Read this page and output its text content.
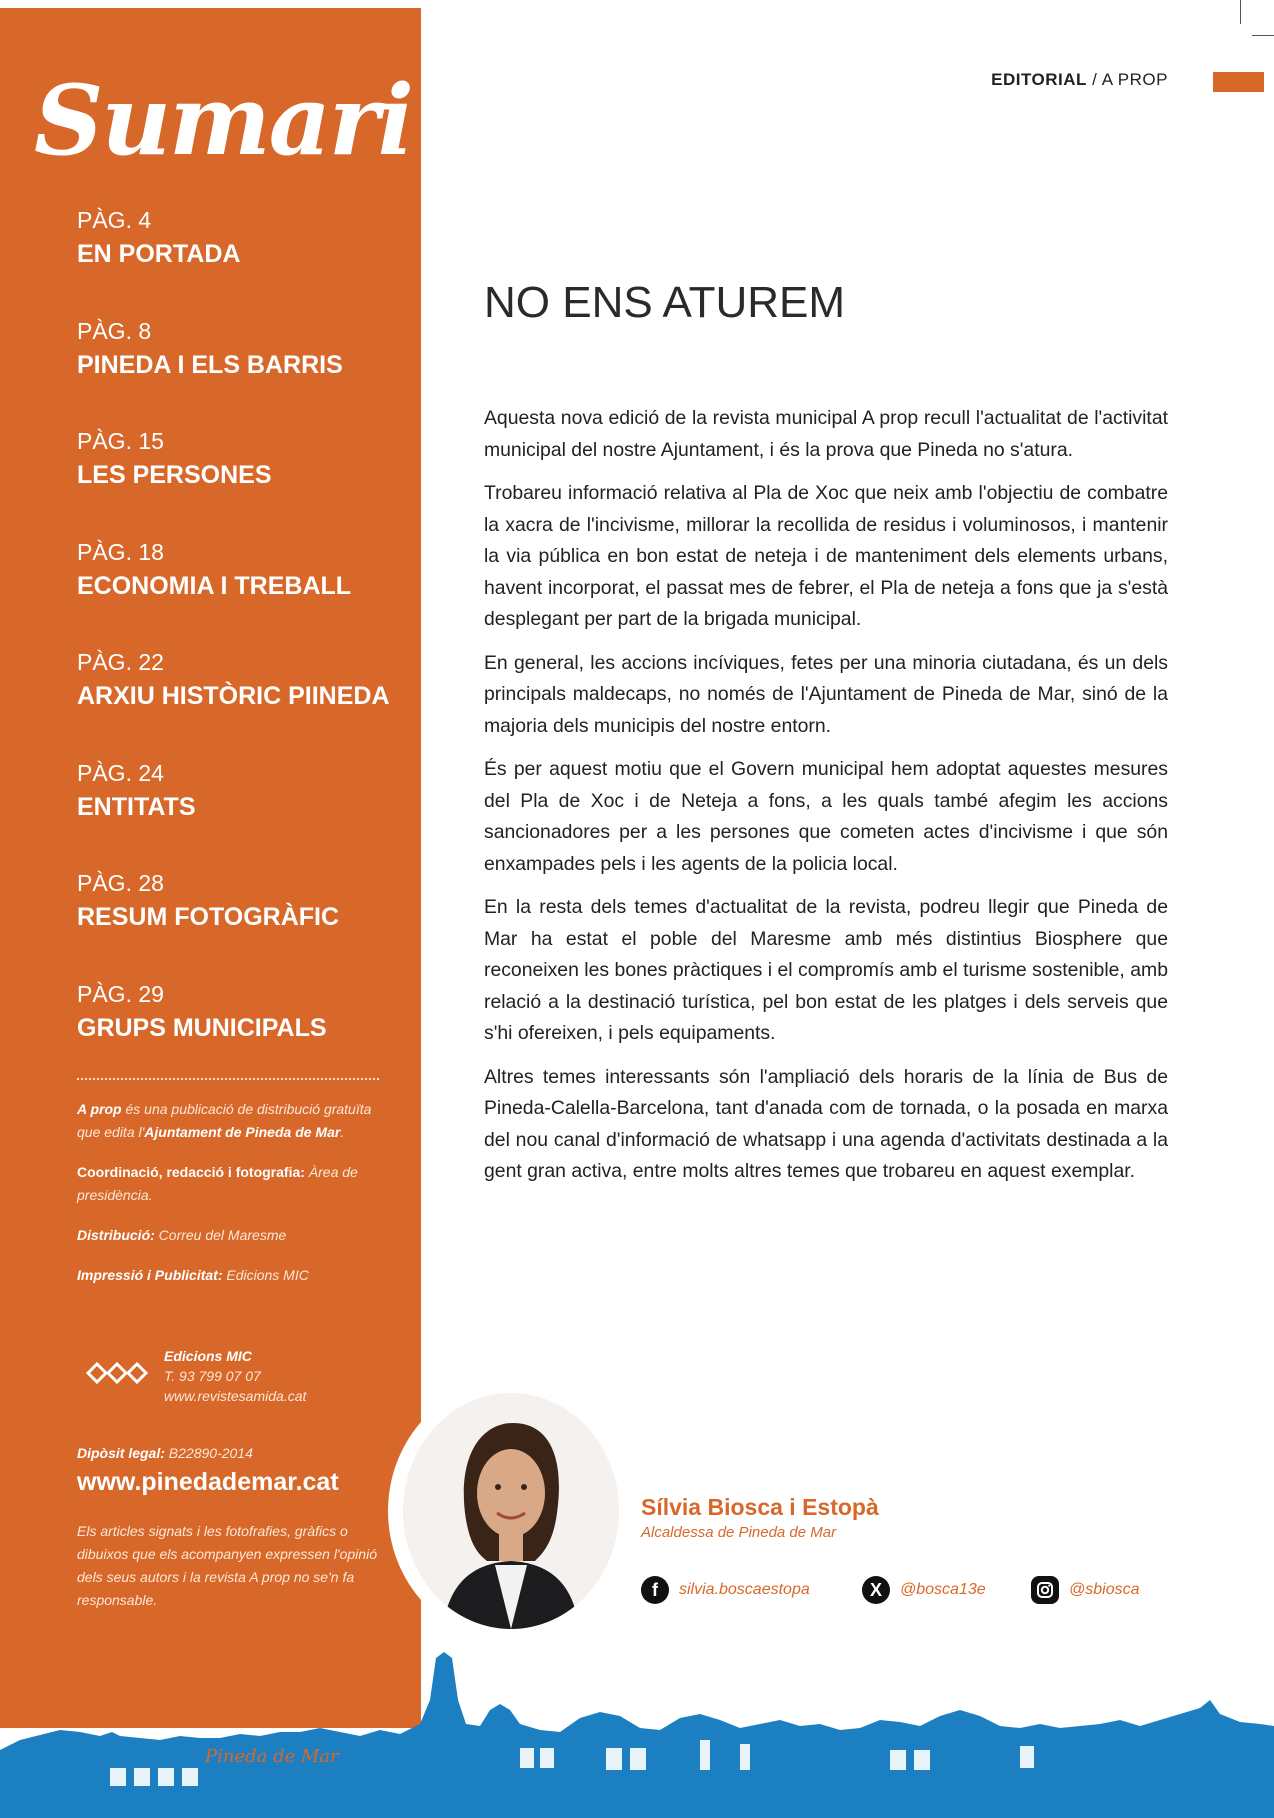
Sumari
PÀG. 4
EN PORTADA
PÀG. 8
PINEDA I ELS BARRIS
PÀG. 15
LES PERSONES
PÀG. 18
ECONOMIA I TREBALL
PÀG. 22
ARXIU HISTÒRIC PIINEDA
PÀG. 24
ENTITATS
PÀG. 28
RESUM FOTOGRÀFIC
PÀG. 29
GRUPS MUNICIPALS

A prop és una publicació de distribució gratuïta que edita l'Ajuntament de Pineda de Mar.

Coordinació, redacció i fotografia: Àrea de presidència.

Distribució: Correu del Maresme

Impressió i Publicitat: Edicions MIC

Edicions MIC
T. 93 799 07 07
www.revistesamida.cat
Dipòsit legal: B22890-2014
www.pinedademar.cat
Els articles signats i les fotofrafies, gràfics o dibuixos que els acompanyen expressen l'opinió dels seus autors i la revista A prop no se'n fa responsable.
EDITORIAL / A PROP
NO ENS ATUREM

Aquesta nova edició de la revista municipal A prop recull l'actualitat de l'activitat municipal del nostre Ajuntament, i és la prova que Pineda no s'atura.

Trobareu informació relativa al Pla de Xoc que neix amb l'objectiu de combatre la xacra de l'incivisme, millorar la recollida de residus i voluminosos, i mantenir la via pública en bon estat de neteja i de manteniment dels elements urbans, havent incorporat, el passat mes de febrer, el Pla de neteja a fons que ja s'està desplegant per part de la brigada municipal.

En general, les accions incíviques, fetes per una minoria ciutadana, és un dels principals maldecaps, no només de l'Ajuntament de Pineda de Mar, sinó de la majoria dels municipis del nostre entorn.

És per aquest motiu que el Govern municipal hem adoptat aquestes mesures del Pla de Xoc i de Neteja a fons, a les quals també afegim les accions sancionadores per a les persones que cometen actes d'incivisme i que són enxampades pels i les agents de la policia local.

En la resta dels temes d'actualitat de la revista, podreu llegir que Pineda de Mar ha estat el poble del Maresme amb més distintius Biosphere que reconeixen les bones pràctiques i el compromís amb el turisme sostenible, amb relació a la destinació turística, pel bon estat de les platges i dels serveis que s'hi ofereixen, i pels equipaments.

Altres temes interessants són l'ampliació dels horaris de la línia de Bus de Pineda-Calella-Barcelona, tant d'anada com de tornada, o la posada en marxa del nou canal d'informació de whatsapp i una agenda d'activitats destinada a la gent gran activa, entre molts altres temes que trobareu en aquest exemplar.

Sílvia Biosca i Estopà
Alcaldessa de Pineda de Mar
f	silvia.boscaestopa	X	@bosca13e	@sbiosca
Pineda de Mar
